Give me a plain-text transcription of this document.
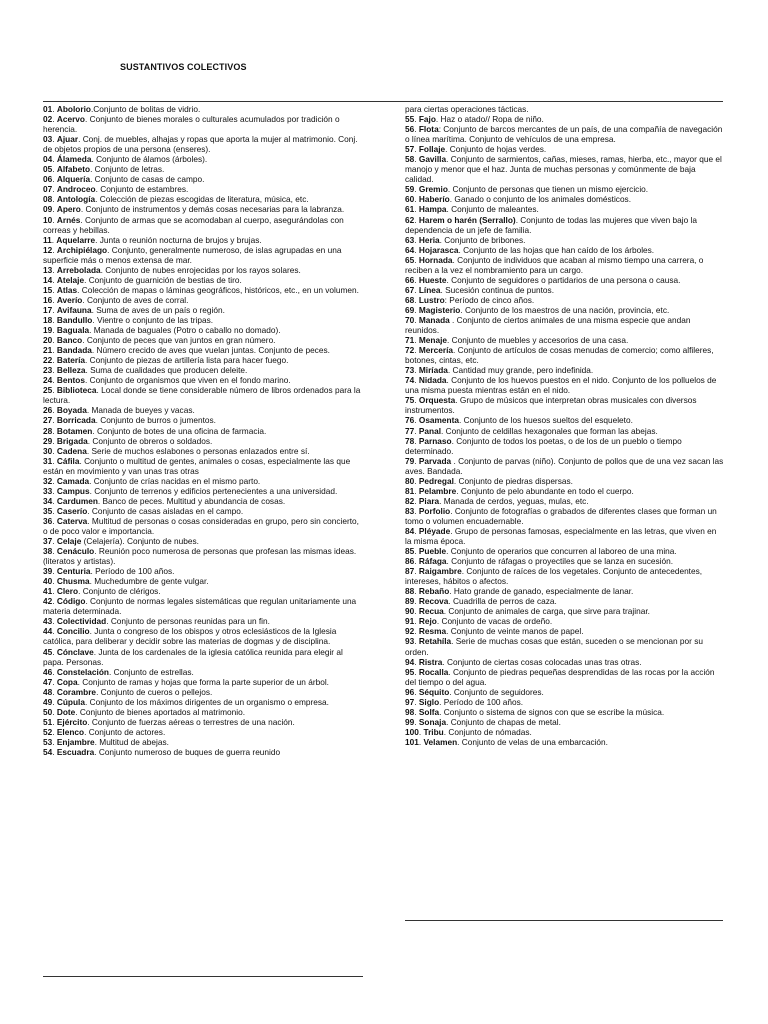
SUSTANTIVOS COLECTIVOS

01. Abolorio.Conjunto de bolitas de vidrio.

02. Acervo. Conjunto de bienes morales o culturales acumulados por tradición o herencia.

03. Ajuar. Conj. de muebles, alhajas y ropas que aporta la mujer al matrimonio. Conj. de objetos propios de una persona (enseres).

04. Álameda. Conjunto de álamos (árboles).

05. Alfabeto. Conjunto de letras.

06. Alquería. Conjunto de casas de campo.

07. Androceo. Conjunto de estambres.

08. Antología. Colección de piezas escogidas de literatura, música, etc.

09. Apero. Conjunto de instrumentos y demás cosas necesarias para la labranza.

10. Arnés. Conjunto de armas que se acomodaban al cuerpo, asegurándolas con correas y hebillas.

11. Aquelarre. Junta o reunión nocturna de brujos y brujas.

12. Archipiélago. Conjunto, generalmente numeroso, de islas agrupadas en una superficie más o menos extensa de mar.

13. Arrebolada. Conjunto de nubes enrojecidas por los rayos solares.

14. Atelaje. Conjunto de guarnición de bestias de tiro.

15. Atlas. Colección de mapas o láminas geográficos, históricos, etc., en un volumen.

16. Averío. Conjunto de aves de corral.

17. Avifauna. Suma de aves de un país o región.

18. Bandullo. Vientre o conjunto de las tripas.

19. Baguala. Manada de baguales (Potro o caballo no domado).

20. Banco. Conjunto de peces que van juntos en gran número.

21. Bandada. Número crecido de aves que vuelan juntas. Conjunto de peces.

22. Batería. Conjunto de piezas de artillería lista para hacer fuego.

23. Belleza. Suma de cualidades que producen deleite.

24. Bentos. Conjunto de organismos que viven en el fondo marino.

25. Biblioteca. Local donde se tiene considerable número de libros ordenados para la lectura.

26. Boyada. Manada de bueyes y vacas.

27. Borricada. Conjunto de burros o jumentos.

28. Botamen. Conjunto de botes de una oficina de farmacia.

29. Brigada. Conjunto de obreros o soldados.

30. Cadena. Serie de muchos eslabones o personas enlazados entre sí.

31. Cáfila. Conjunto o multitud de gentes, animales o cosas, especialmente las que están en movimiento y van unas tras otras

32. Camada. Conjunto de crías nacidas en el mismo parto.

33. Campus. Conjunto de terrenos y edificios pertenecientes a una universidad.

34. Cardumen. Banco de peces. Multitud y abundancia de cosas.

35. Caserío. Conjunto de casas aisladas en el campo.

36. Caterva. Multitud de personas o cosas consideradas en grupo, pero sin concierto, o de poco valor e importancia.

37. Celaje (Celajería). Conjunto de nubes.

38. Cenáculo. Reunión poco numerosa de personas que profesan las mismas ideas. (literatos y artistas).

39. Centuria. Período de 100 años.

40. Chusma. Muchedumbre de gente vulgar.

41. Clero. Conjunto de clérigos.

42. Código. Conjunto de normas legales sistemáticas que regulan unitariamente una materia determinada.

43. Colectividad. Conjunto de personas reunidas para un fin.

44. Concilio. Junta o congreso de los obispos y otros eclesiásticos de la Iglesia católica, para deliberar y decidir sobre las materias de dogmas y de disciplina.

45. Cónclave. Junta de los cardenales de la iglesia católica reunida para elegir al papa. Personas.

46. Constelación. Conjunto de estrellas.

47. Copa. Conjunto de ramas y hojas que forma la parte superior de un árbol.

48. Corambre. Conjunto de cueros o pellejos.

49. Cúpula. Conjunto de los máximos dirigentes de un organismo o empresa.

50. Dote. Conjunto de bienes aportados al matrimonio.

51. Ejército. Conjunto de fuerzas aéreas o terrestres de una nación.

52. Elenco. Conjunto de actores.

53. Enjambre. Multitud de abejas.

54. Escuadra. Conjunto numeroso de buques de guerra reunido

para ciertas operaciones tácticas.

55. Fajo. Haz o atado// Ropa de niño.

56. Flota: Conjunto de barcos mercantes de un país, de una compañía de navegación o línea marítima. Conjunto de vehículos de una empresa.

57. Follaje. Conjunto de hojas verdes.

58. Gavilla. Conjunto de sarmientos, cañas, mieses, ramas, hierba, etc., mayor que el manojo y menor que el haz. Junta de muchas personas y comúnmente de baja calidad.

59. Gremio. Conjunto de personas que tienen un mismo ejercicio.

60. Haberío. Ganado o conjunto de los animales domésticos.

61. Hampa. Conjunto de maleantes.

62. Harem o harén (Serrallo). Conjunto de todas las mujeres que viven bajo la dependencia de un jefe de familia.

63. Heria. Conjunto de bribones.

64. Hojarasca. Conjunto de las hojas que han caído de los árboles.

65. Hornada. Conjunto de individuos que acaban al mismo tiempo una carrera, o reciben a la vez el nombramiento para un cargo.

66. Hueste. Conjunto de seguidores o partidarios de una persona o causa.

67. Línea. Sucesión continua de puntos.

68. Lustro: Período de cinco años.

69. Magisterio. Conjunto de los maestros de una nación, provincia, etc.

70. Manada . Conjunto de ciertos animales de una misma especie que andan reunidos.

71. Menaje. Conjunto de muebles y accesorios de una casa.

72. Mercería. Conjunto de artículos de cosas menudas de comercio; como alfileres, botones, cintas, etc.

73. Miríada. Cantidad muy grande, pero indefinida.

74. Nidada. Conjunto de los huevos puestos en el nido. Conjunto de los polluelos de una misma puesta mientras están en el nido.

75. Orquesta. Grupo de músicos que interpretan obras musicales con diversos instrumentos.

76. Osamenta. Conjunto de los huesos sueltos del esqueleto.

77. Panal. Conjunto de celdillas hexagonales que forman las abejas.

78. Parnaso. Conjunto de todos los poetas, o de los de un pueblo o tiempo determinado.

79. Parvada . Conjunto de parvas (niño). Conjunto de pollos que de una vez sacan las aves. Bandada.

80. Pedregal. Conjunto de piedras dispersas.

81. Pelambre. Conjunto de pelo abundante en todo el cuerpo.

82. Piara. Manada de cerdos, yeguas, mulas, etc.

83. Porfolio. Conjunto de fotografías o grabados de diferentes clases que forman un tomo o volumen encuadernable.

84. Pléyade. Grupo de personas famosas, especialmente en las letras, que viven en la misma época.

85. Pueble. Conjunto de operarios que concurren al laboreo de una mina.

86. Ráfaga. Conjunto de ráfagas o proyectiles que se lanza en sucesión.

87. Raigambre. Conjunto de raíces de los vegetales. Conjunto de antecedentes, intereses, hábitos o afectos.

88. Rebaño. Hato grande de ganado, especialmente de lanar.

89. Recova. Cuadrilla de perros de caza.

90. Recua. Conjunto de animales de carga, que sirve para trajinar.

91. Rejo. Conjunto de vacas de ordeño.

92. Resma. Conjunto de veinte manos de papel.

93. Retahíla. Serie de muchas cosas que están, suceden o se mencionan por su orden.

94. Ristra. Conjunto de ciertas cosas colocadas unas tras otras.

95. Rocalla. Conjunto de piedras pequeñas desprendidas de las rocas por la acción del tiempo o del agua.

96. Séquito. Conjunto de seguidores.

97. Siglo. Período de 100 años.

98. Solfa. Conjunto o sistema de signos con que se escribe la música.

99. Sonaja. Conjunto de chapas de metal.

100. Tribu. Conjunto de nómadas.

101. Velamen. Conjunto de velas de una embarcación.
